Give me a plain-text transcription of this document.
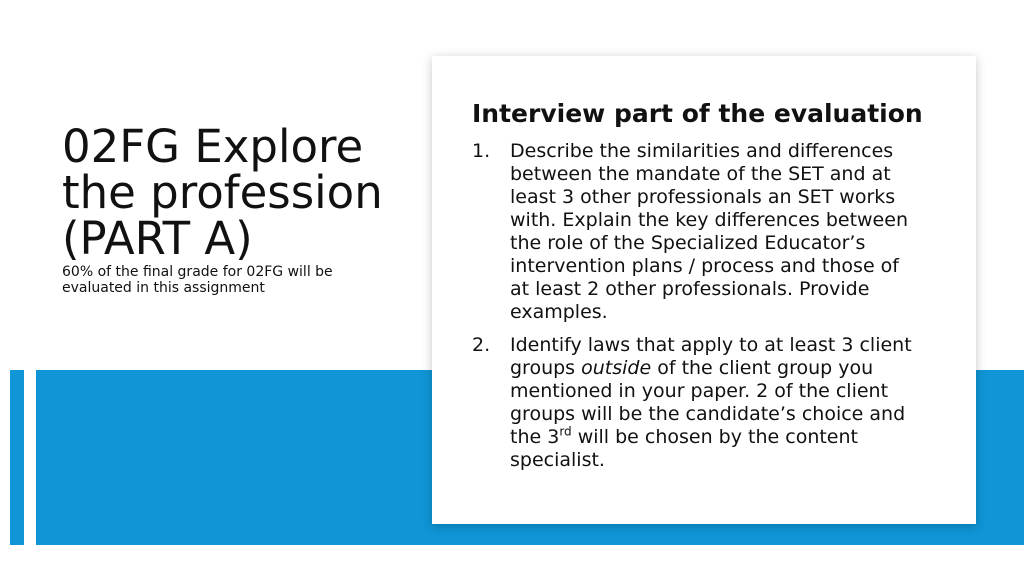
02FG Explore the profession (PART A)

60% of the final grade for 02FG will be evaluated in this assignment

Interview part of the evaluation
1. Describe the similarities and differences between the mandate of the SET and at least 3 other professionals an SET works with. Explain the key differences between the role of the Specialized Educator’s intervention plans / process and those of at least 2 other professionals. Provide examples.
2. Identify laws that apply to at least 3 client groups outside of the client group you mentioned in your paper. 2 of the client groups will be the candidate’s choice and the 3rd will be chosen by the content specialist.
